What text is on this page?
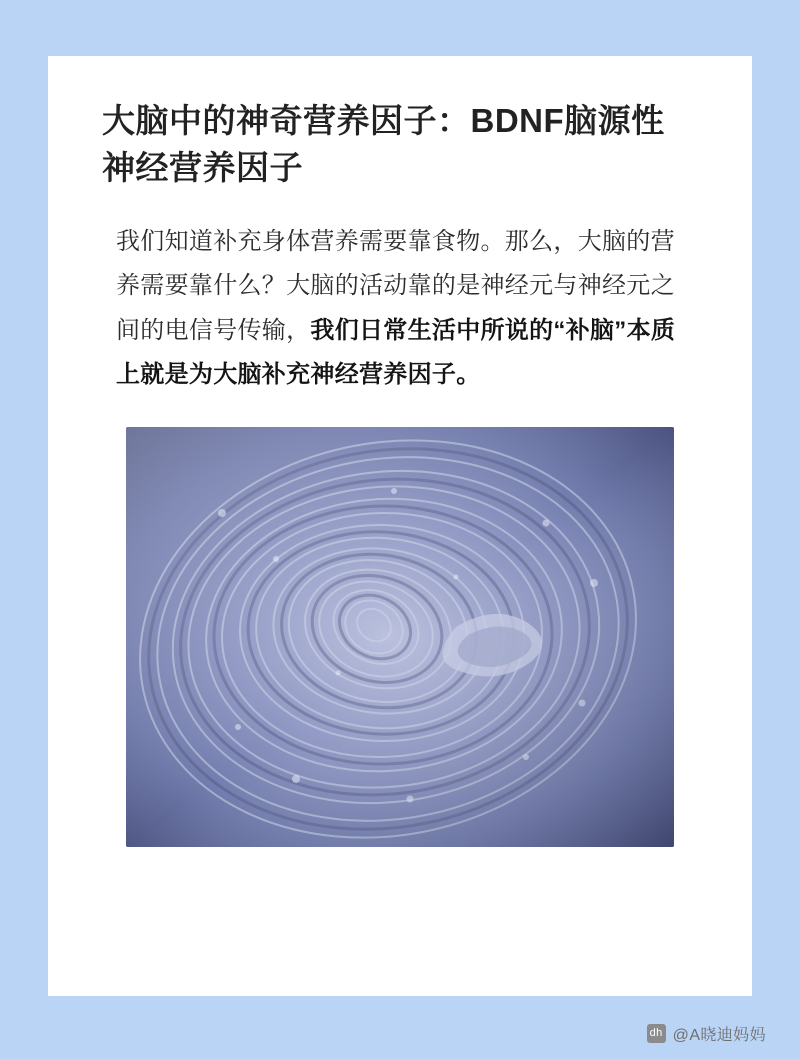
大脑中的神奇营养因子：BDNF脑源性神经营养因子

我们知道补充身体营养需要靠食物。那么，大脑的营养需要靠什么？大脑的活动靠的是神经元与神经元之间的电信号传输，我们日常生活中所说的“补脑”本质上就是为大脑补充神经营养因子。

dh @A晓迪妈妈
